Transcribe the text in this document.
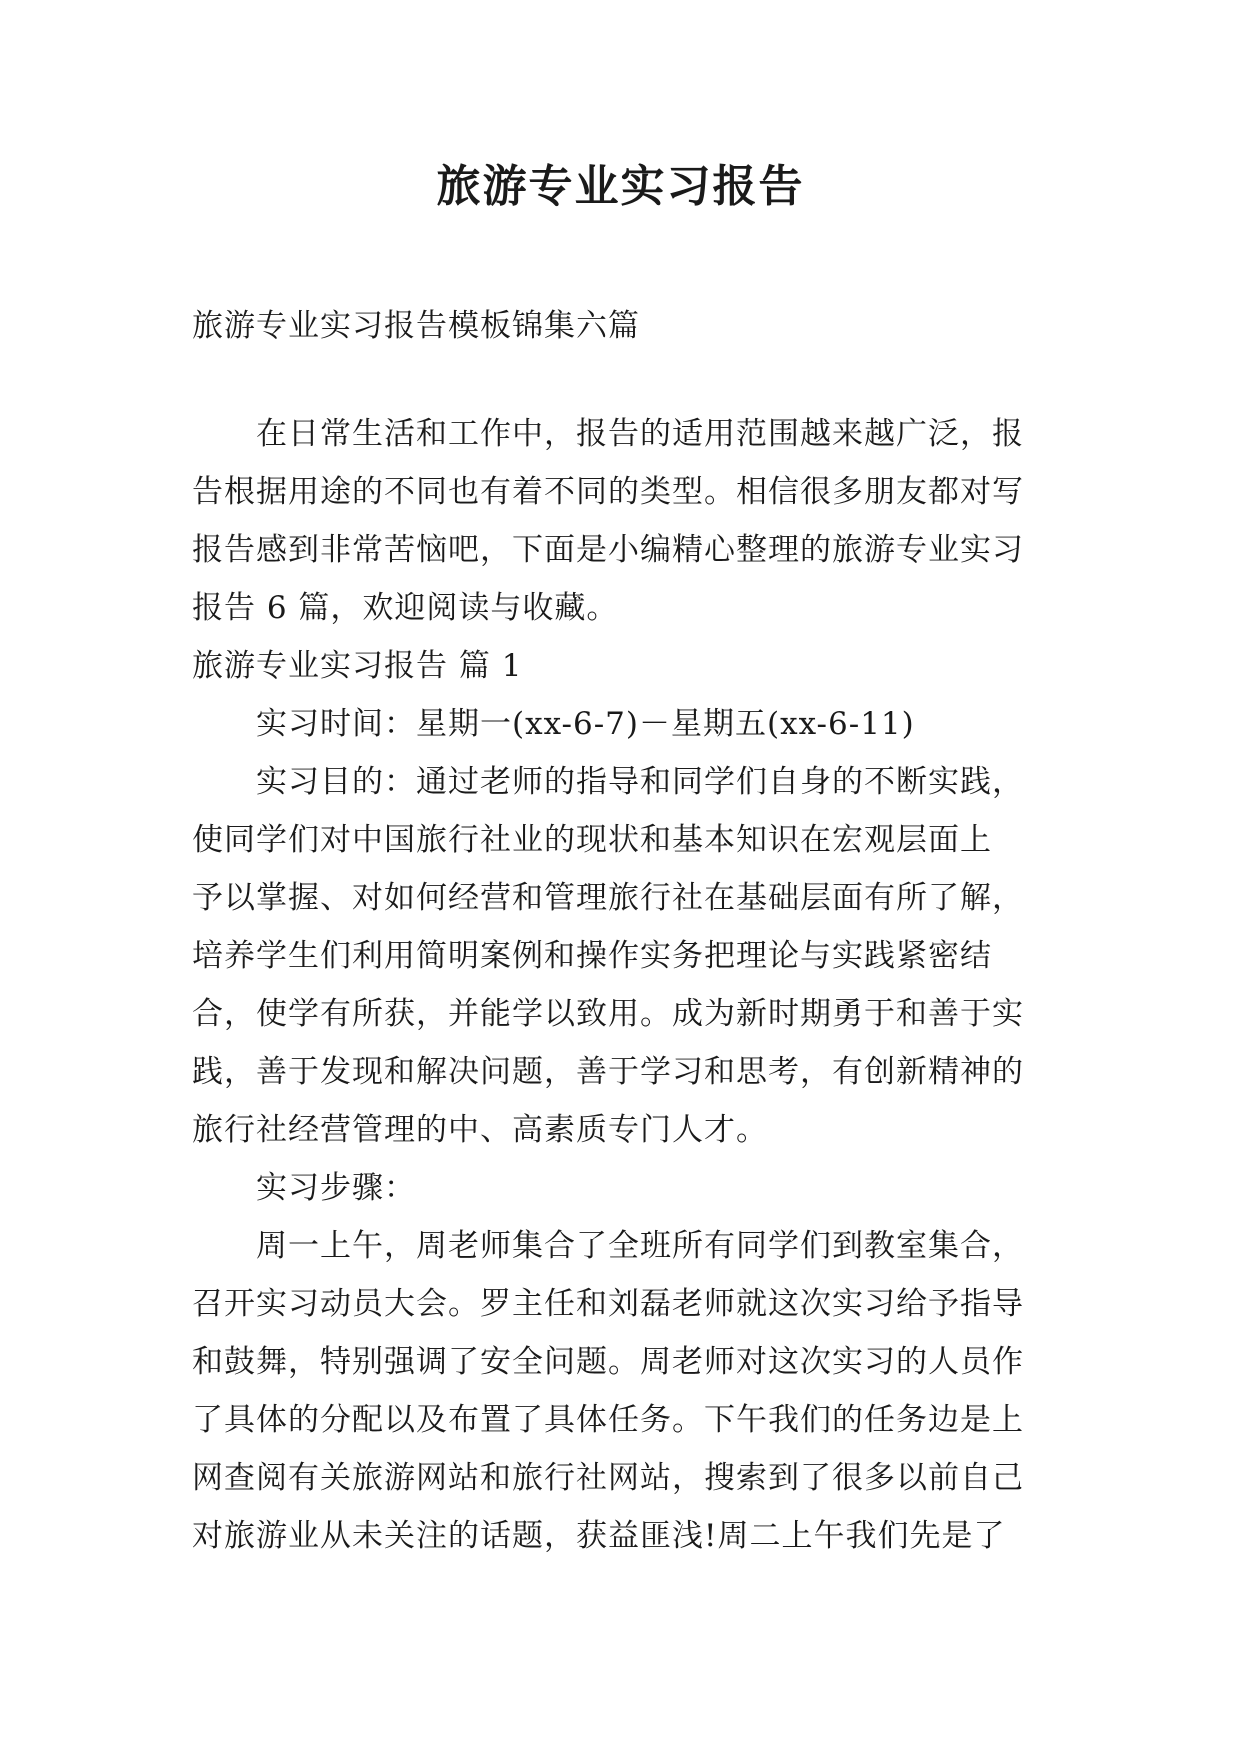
旅游专业实习报告
旅游专业实习报告模板锦集六篇
在日常生活和工作中，报告的适用范围越来越广泛，报
告根据用途的不同也有着不同的类型。相信很多朋友都对写
报告感到非常苦恼吧，下面是小编精心整理的旅游专业实习
报告 6 篇，欢迎阅读与收藏。
旅游专业实习报告 篇 1
实习时间：星期一(xx-6-7)－星期五(xx-6-11)
实习目的：通过老师的指导和同学们自身的不断实践，
使同学们对中国旅行社业的现状和基本知识在宏观层面上
予以掌握、对如何经营和管理旅行社在基础层面有所了解，
培养学生们利用简明案例和操作实务把理论与实践紧密结
合，使学有所获，并能学以致用。成为新时期勇于和善于实
践，善于发现和解决问题，善于学习和思考，有创新精神的
旅行社经营管理的中、高素质专门人才。
实习步骤：
周一上午，周老师集合了全班所有同学们到教室集合，
召开实习动员大会。罗主任和刘磊老师就这次实习给予指导
和鼓舞，特别强调了安全问题。周老师对这次实习的人员作
了具体的分配以及布置了具体任务。下午我们的任务边是上
网查阅有关旅游网站和旅行社网站，搜索到了很多以前自己
对旅游业从未关注的话题，获益匪浅!周二上午我们先是了
